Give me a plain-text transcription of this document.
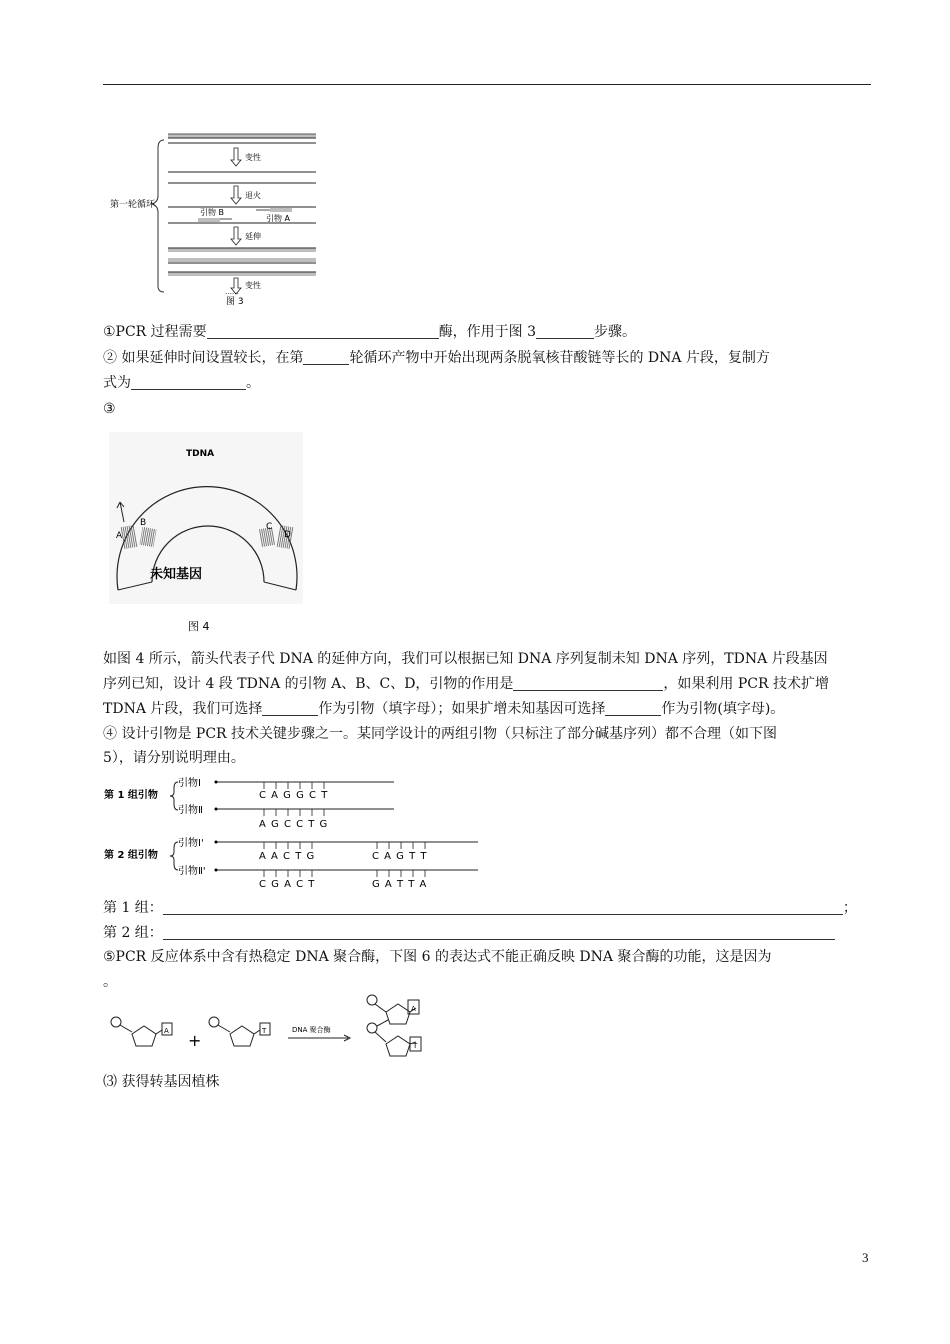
第一轮循环
变性
退火
引物 B
引物 A
延伸
变性
……
图 3
①PCR 过程需要	酶，作用于图 3	步骤。
② 如果延伸时间设置较长，在第	轮循环产物中开始出现两条脱氧核苷酸链等长的 DNA 片段，复制方
式为	。
③
TDNA
A
B	C
D
未知基因
图 4
如图 4 所示，箭头代表子代 DNA 的延伸方向，我们可以根据已知 DNA 序列复制未知 DNA 序列，TDNA 片段基因
序列已知，设计 4 段 TDNA 的引物 A、B、C、D，引物的作用是	，如果利用 PCR 技术扩增
TDNA 片段，我们可选择	作为引物（填字母）；如果扩增未知基因可选择	作为引物(填字母)。
④ 设计引物是 PCR 技术关键步骤之一。某同学设计的两组引物（只标注了部分碱基序列）都不合理（如下图
5），请分别说明理由。
第 1 组引物
引物Ⅰ
C A G G C T
引物Ⅱ
A G C C T G
第 2 组引物
引物Ⅰ'
A A C T G	C A G T T
引物Ⅱ'
C G A C T	G A T T A
第 1 组：	；
第 2 组：
⑤PCR 反应体系中含有热稳定 DNA 聚合酶，下图 6 的表达式不能正确反映 DNA 聚合酶的功能，这是因为
。
A	T
+
DNA 聚合酶
A
T
⑶ 获得转基因植株
3
